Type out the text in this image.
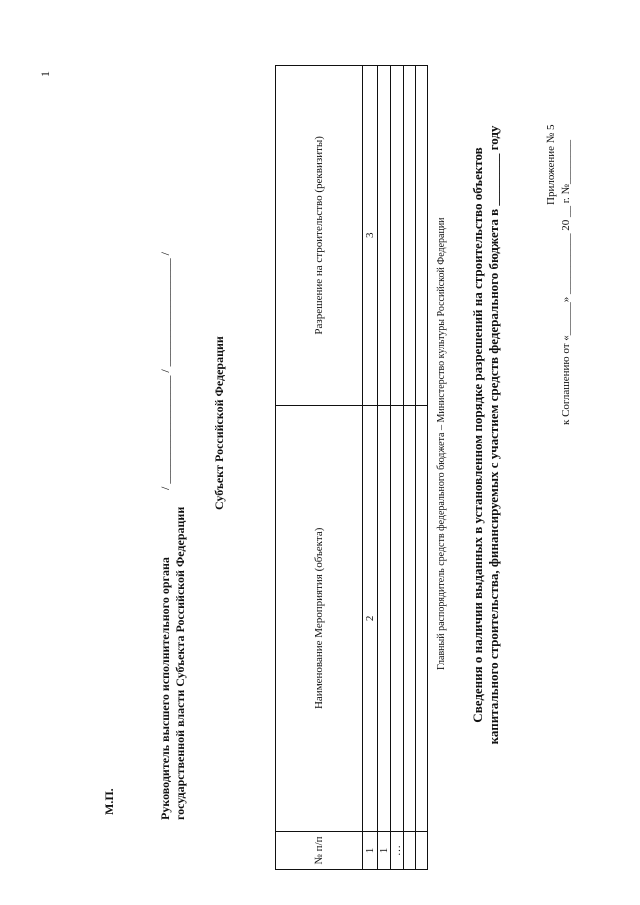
Приложение № 5 к Соглашению от «______» ___________ 20 __ г. №________
Сведения о наличии выданных в установленном порядке разрешений на строительство объектов капитального строительства, финансируемых с участием средств федерального бюджета в ________ году
Главный распорядитель средств федерального бюджета – Министерство культуры Российской Федерации
№ п/п	Наименование Мероприятия (объекта)	Разрешение на строительство (реквизиты)
1	2	3
1		
…		

Субъект Российской Федерации
Руководитель высшего исполнительного органа государственной власти Субъекта Российской Федерации
/ __________________ / __________________ /
М.П.
1
